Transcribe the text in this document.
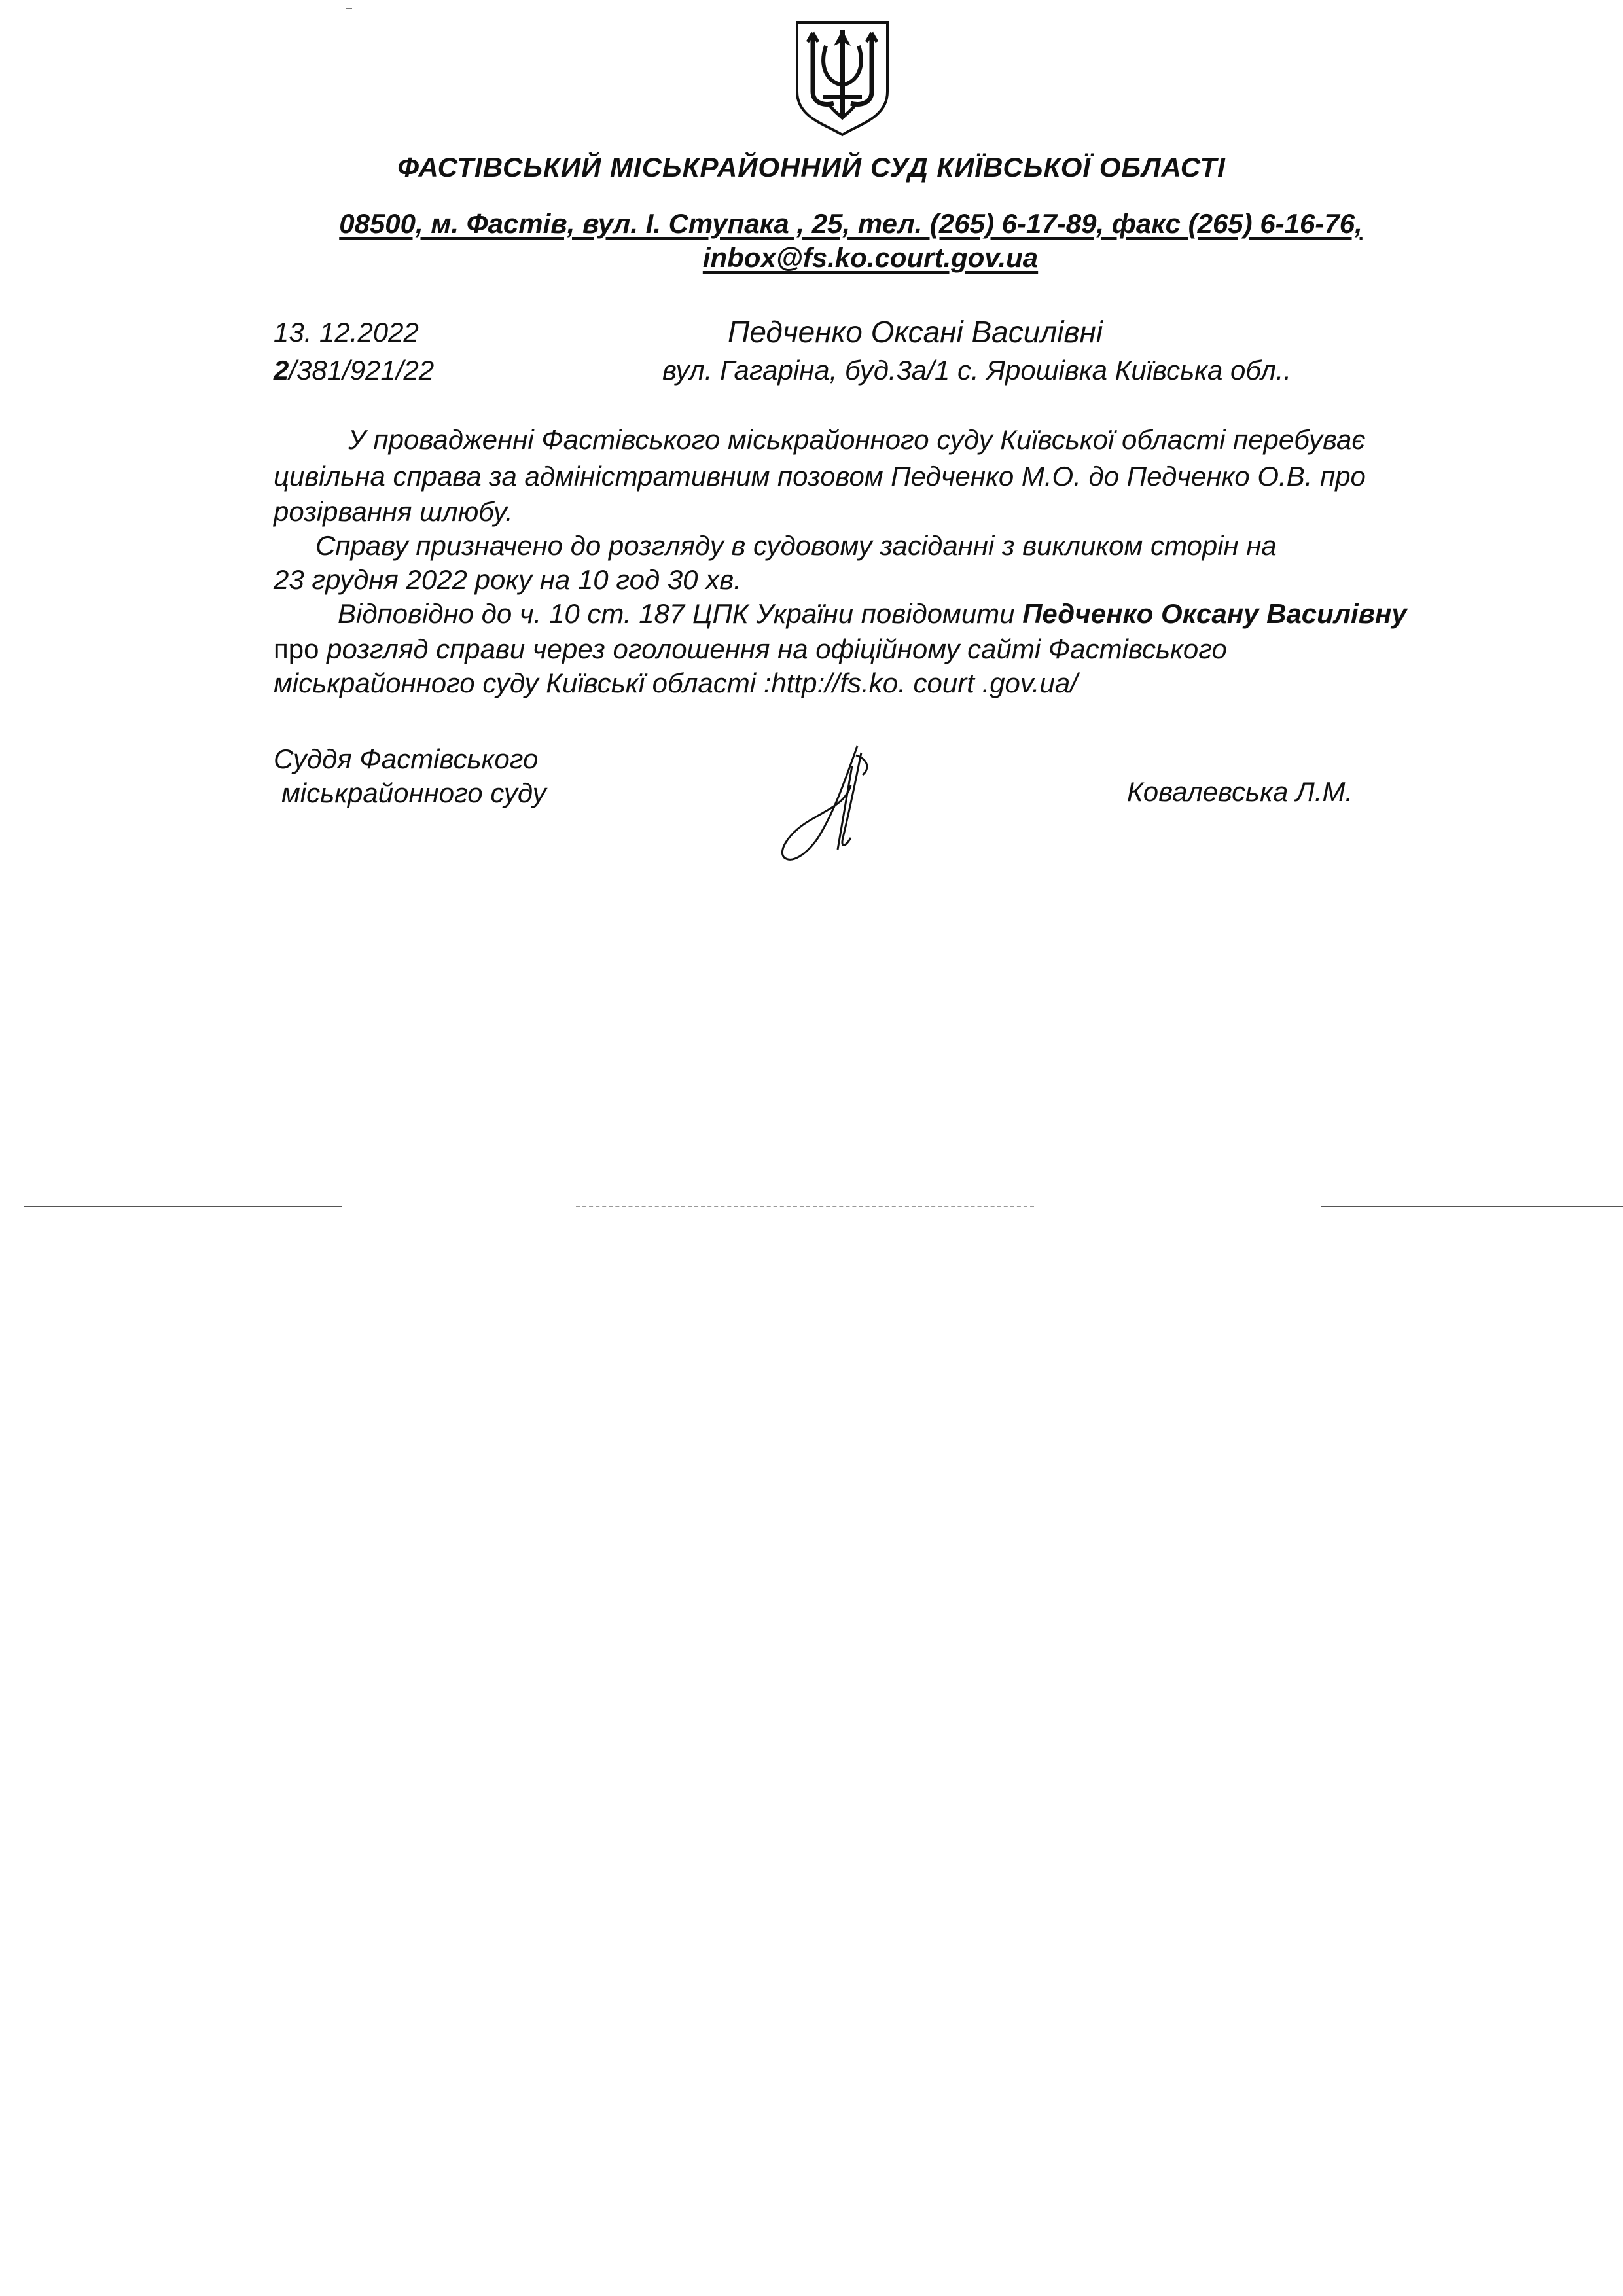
ФАСТІВСЬКИЙ МІСЬКРАЙОННИЙ СУД КИЇВСЬКОЇ ОБЛАСТІ
08500, м. Фастів, вул. І. Ступака , 25, тел. (265) 6-17-89, факс (265) 6-16-76,
inbox@fs.ko.court.gov.ua
13. 12.2022
2/381/921/22
Педченко Оксані Василівні
вул. Гагаріна, буд.3а/1 с. Ярошівка Київська обл..
У провадженні Фастівського міськрайонного суду Київської області перебуває
цивільна справа за адміністративним позовом Педченко М.О. до Педченко О.В. про
розірвання шлюбу.
Справу призначено до розгляду в судовому засіданні з викликом сторін на
23 грудня 2022 року на 10 год 30 хв.
Відповідно до ч. 10 ст. 187 ЦПК України повідомити Педченко Оксану Василівну
про розгляд справи через оголошення на офіційному сайті Фастівського
міськрайонного суду Київськї області :http://fs.ko. court .gov.ua/
Суддя Фастівського
міськрайонного суду	Ковалевська Л.М.
